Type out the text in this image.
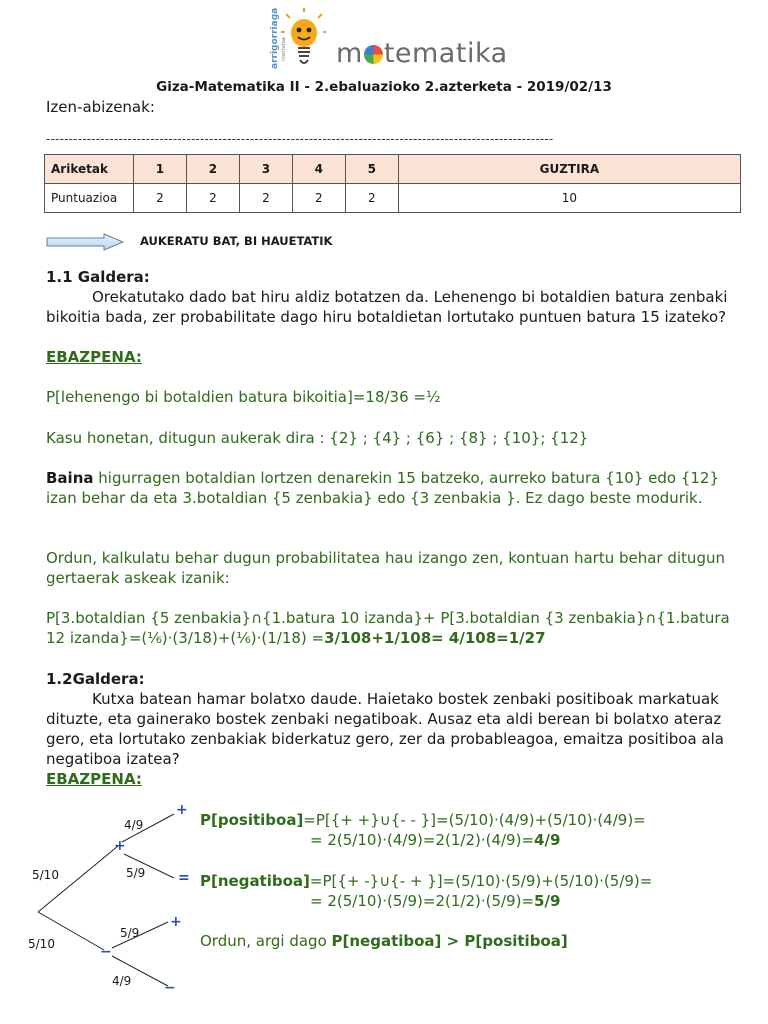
arrigorriaga institutua m tematika
Giza-Matematika II - 2.ebaluazioko 2.azterketa - 2019/02/13
Izen-abizenak:
----------------------------------------------------------------------------------------------------------------
Ariketak	1	2	3	4	5	GUZTIRA
Puntuazioa	2	2	2	2	2	10
AUKERATU BAT, BI HAUETATIK
1.1 Galdera:
Orekatutako dado bat hiru aldiz botatzen da. Lehenengo bi botaldien batura zenbaki bikoitia bada, zer probabilitate dago hiru botaldietan lortutako puntuen batura 15 izateko?
EBAZPENA:
P[lehenengo bi botaldien batura bikoitia]=18/36 =½
Kasu honetan, ditugun aukerak dira : {2} ; {4} ; {6} ; {8} ; {10}; {12}
Baina higurragen botaldian lortzen denarekin 15 batzeko, aurreko batura {10} edo {12} izan behar da eta 3.botaldian {5 zenbakia} edo {3 zenbakia }. Ez dago beste modurik.
Ordun, kalkulatu behar dugun probabilitatea hau izango zen, kontuan hartu behar ditugun gertaerak askeak izanik:
P[3.botaldian {5 zenbakia}∩{1.batura 10 izanda}+ P[3.botaldian {3 zenbakia}∩{1.batura 12 izanda}=(⅙)·(3/18)+(⅙)·(1/18) =3/108+1/108= 4/108=1/27
1.2Galdera:
Kutxa batean hamar bolatxo daude. Haietako bostek zenbaki positiboak markatuak dituzte, eta gainerako bostek zenbaki negatiboak. Ausaz eta aldi berean bi bolatxo ateraz gero, eta lortutako zenbakiak biderkatuz gero, zer da probableagoa, emaitza positiboa ala negatiboa izatea?
EBAZPENA:
5/10
5/10
4/9
5/9
5/9
4/9
+
+
=
−
+
−
P[positiboa]=P[{+ +}∪{- - }]=(5/10)·(4/9)+(5/10)·(4/9)=
= 2(5/10)·(4/9)=2(1/2)·(4/9)=4/9
P[negatiboa]=P[{+ -}∪{- + }]=(5/10)·(5/9)+(5/10)·(5/9)=
= 2(5/10)·(5/9)=2(1/2)·(5/9)=5/9
Ordun, argi dago P[negatiboa] > P[positiboa]
